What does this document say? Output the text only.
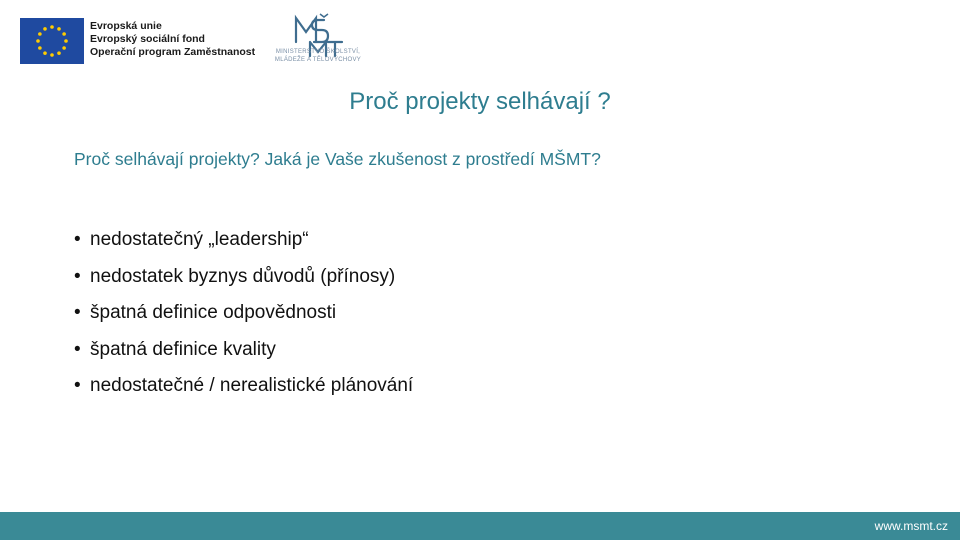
Evropská unie
Evropský sociální fond
Operační program Zaměstnanost	MINISTERSTVO ŠKOLSTVÍ,
MLÁDEŽE A TĚLOVÝCHOVY
Proč projekty selhávají ?
Proč selhávají projekty? Jaká je Vaše zkušenost z prostředí MŠMT?
• nedostatečný „leadership“
• nedostatek byznys důvodů (přínosy)
• špatná definice odpovědnosti
• špatná definice kvality
• nedostatečné / nerealistické plánování
www.msmt.cz
